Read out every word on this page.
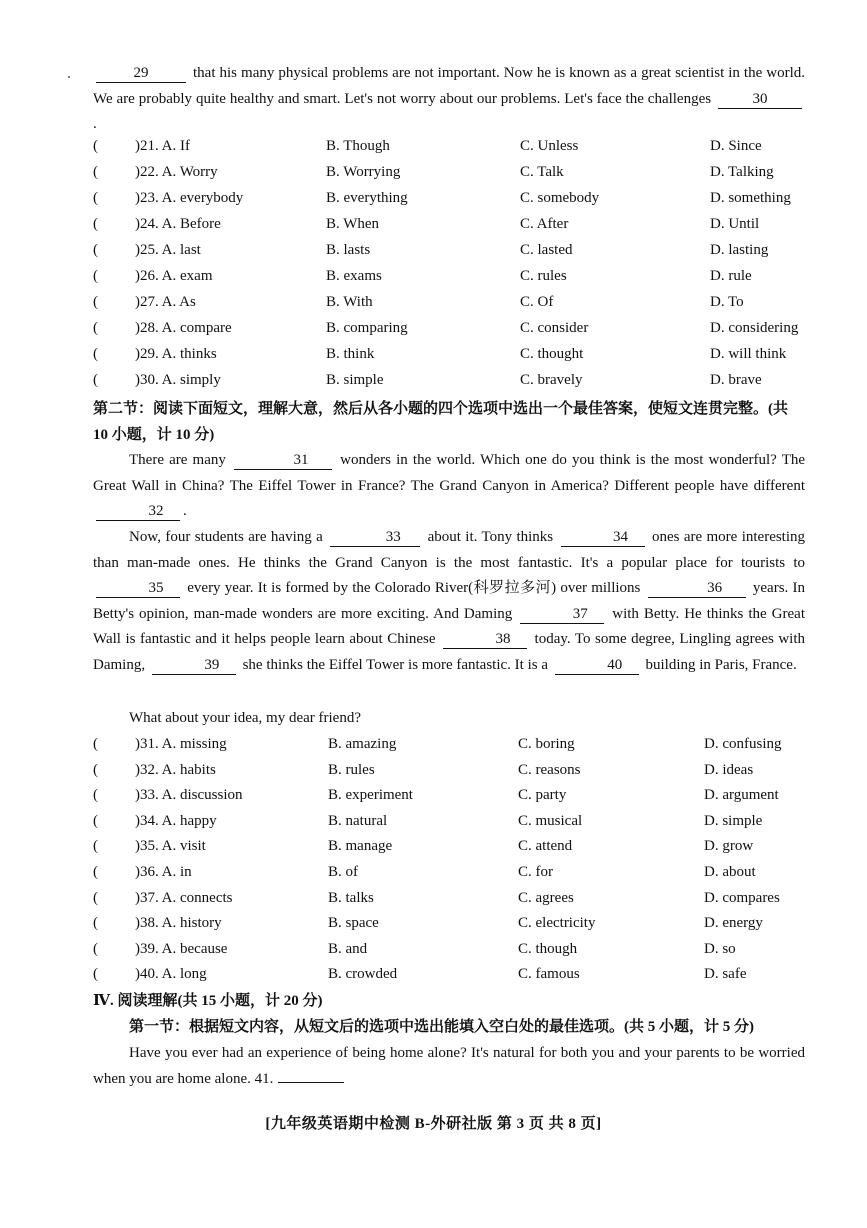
29	that his many physical problems are not important. Now he is known as a great scientist in the world. We are probably quite healthy and smart. Let's not worry about our problems. Let's face the challenges	30.
( )21. A. If	B. Though	C. Unless	D. Since
( )22. A. Worry	B. Worrying	C. Talk	D. Talking
( )23. A. everybody	B. everything	C. somebody	D. something
( )24. A. Before	B. When	C. After	D. Until
( )25. A. last	B. lasts	C. lasted	D. lasting
( )26. A. exam	B. exams	C. rules	D. rule
( )27. A. As	B. With	C. Of	D. To
( )28. A. compare	B. comparing	C. consider	D. considering
( )29. A. thinks	B. think	C. thought	D. will think
( )30. A. simply	B. simple	C. bravely	D. brave
第二节：阅读下面短文，理解大意，然后从各小题的四个选项中选出一个最佳答案，使短文连贯完整。(共 10 小题，计 10 分)
There are many	31 wonders in the world. Which one do you think is the most wonderful? The Great Wall in China? The Eiffel Tower in France? The Grand Canyon in America? Different people have different 32 .
Now, four students are having a	33 about it. Tony thinks	34 ones are more interesting than man-made ones. He thinks the Grand Canyon is the most fantastic. It's a popular place for tourists to 35 every year. It is formed by the Colorado River(科罗拉多河) over millions	36 years. In Betty's opinion, man-made wonders are more exciting. And Daming	37 with Betty. He thinks the Great Wall is fantastic and it helps people learn about Chinese	38 today. To some degree, Lingling agrees with Daming,	39 she thinks the Eiffel Tower is more fantastic. It is a	40 building in Paris, France.
What about your idea, my dear friend?
( )31. A. missing	B. amazing	C. boring	D. confusing
( )32. A. habits	B. rules	C. reasons	D. ideas
( )33. A. discussion	B. experiment	C. party	D. argument
( )34. A. happy	B. natural	C. musical	D. simple
( )35. A. visit	B. manage	C. attend	D. grow
( )36. A. in	B. of	C. for	D. about
( )37. A. connects	B. talks	C. agrees	D. compares
( )38. A. history	B. space	C. electricity	D. energy
( )39. A. because	B. and	C. though	D. so
( )40. A. long	B. crowded	C. famous	D. safe
Ⅳ. 阅读理解(共 15 小题，计 20 分)
第一节：根据短文内容，从短文后的选项中选出能填入空白处的最佳选项。(共 5 小题，计 5 分)
Have you ever had an experience of being home alone? It's natural for both you and your parents to be worried when you are home alone. 41.
[九年级英语期中检测 B-外研社版 第 3 页 共 8 页]
